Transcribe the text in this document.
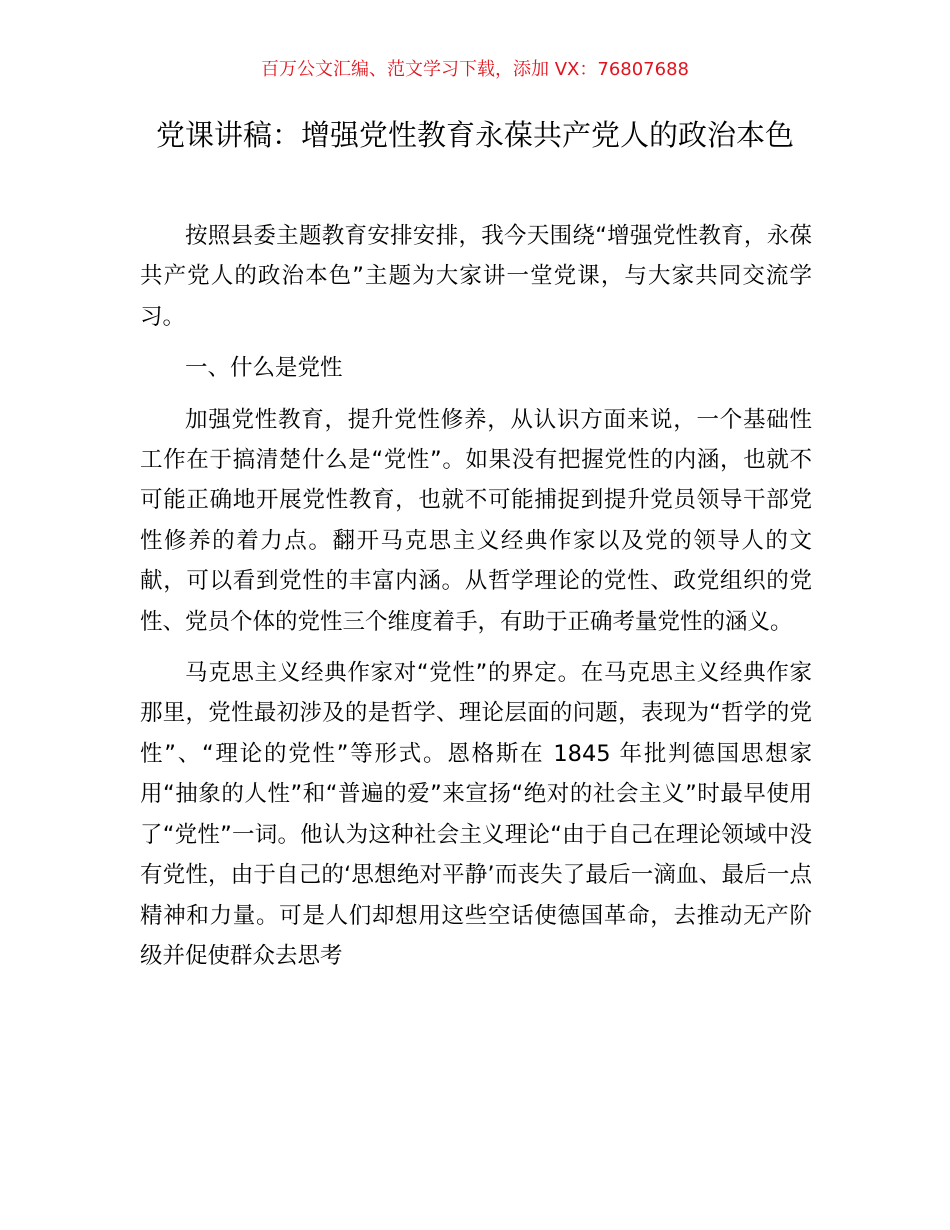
百万公文汇编、范文学习下载，添加 VX：76807688
党课讲稿：增强党性教育永葆共产党人的政治本色

按照县委主题教育安排安排，我今天围绕“增强党性教育，永葆共产党人的政治本色”主题为大家讲一堂党课，与大家共同交流学习。

一、什么是党性

加强党性教育，提升党性修养，从认识方面来说，一个基础性工作在于搞清楚什么是“党性”。如果没有把握党性的内涵，也就不可能正确地开展党性教育，也就不可能捕捉到提升党员领导干部党性修养的着力点。翻开马克思主义经典作家以及党的领导人的文献，可以看到党性的丰富内涵。从哲学理论的党性、政党组织的党性、党员个体的党性三个维度着手，有助于正确考量党性的涵义。

马克思主义经典作家对“党性”的界定。在马克思主义经典作家那里，党性最初涉及的是哲学、理论层面的问题，表现为“哲学的党性”、“理论的党性”等形式。恩格斯在 1845 年批判德国思想家用“抽象的人性”和“普遍的爱”来宣扬“绝对的社会主义”时最早使用了“党性”一词。他认为这种社会主义理论“由于自己在理论领域中没有党性，由于自己的‘思想绝对平静’而丧失了最后一滴血、最后一点精神和力量。可是人们却想用这些空话使德国革命，去推动无产阶级并促使群众去思考
